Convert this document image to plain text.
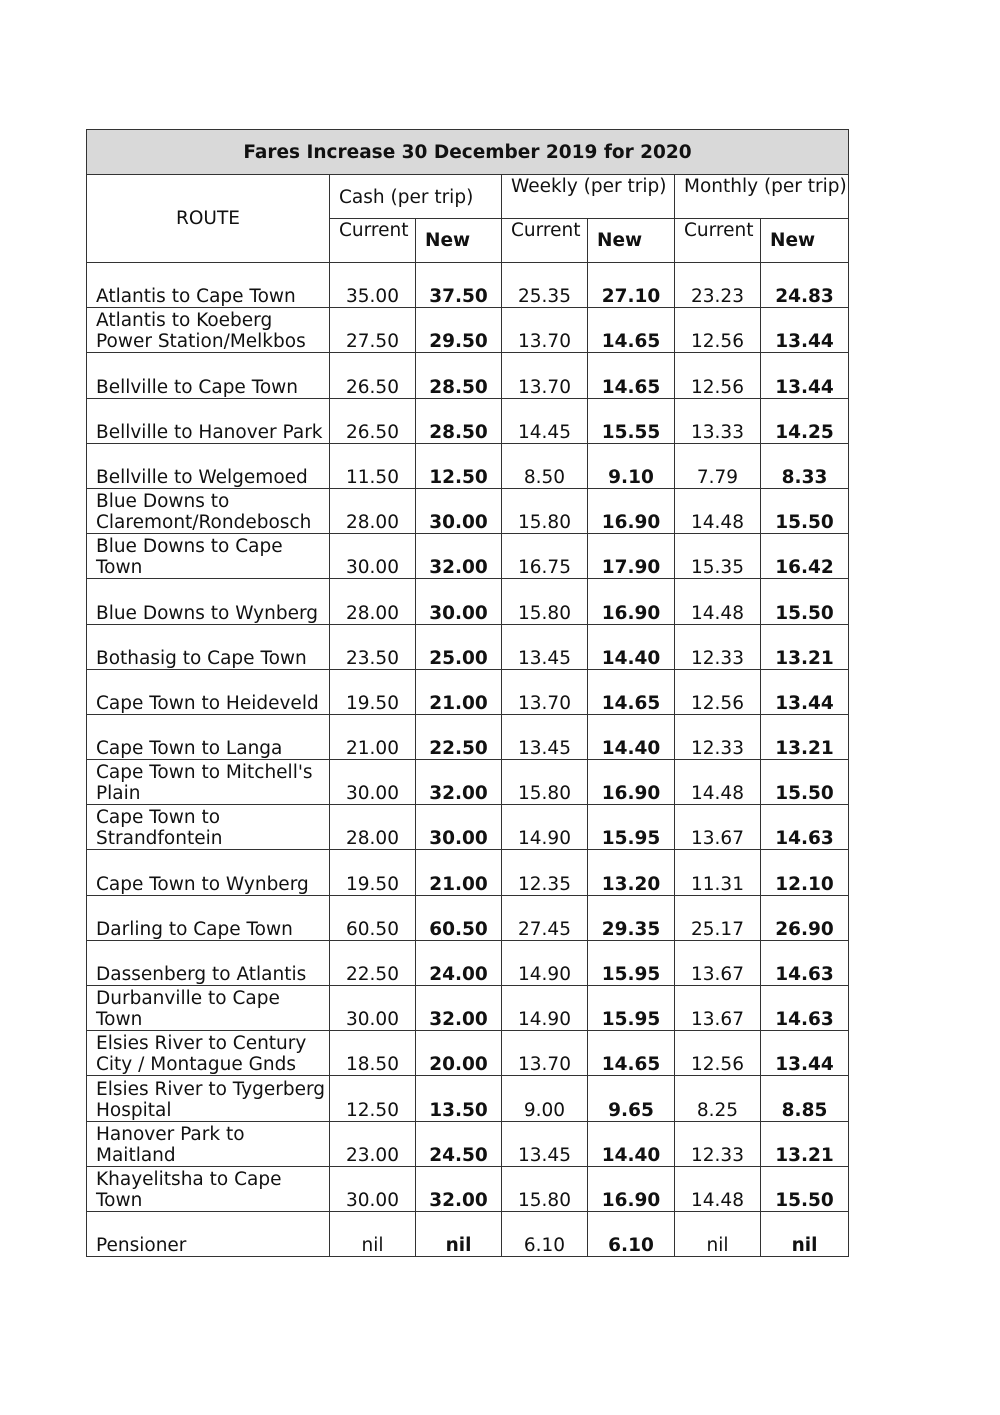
Fares Increase 30 December 2019 for 2020						
ROUTE	Cash (per trip)		Weekly (per trip)		Monthly (per trip)	
	Current	New	Current	New	Current	New
Atlantis to Cape Town	35.00	37.50	25.35	27.10	23.23	24.83
Atlantis to Koeberg Power Station/Melkbos	27.50	29.50	13.70	14.65	12.56	13.44
Bellville to Cape Town	26.50	28.50	13.70	14.65	12.56	13.44
Bellville to Hanover Park	26.50	28.50	14.45	15.55	13.33	14.25
Bellville to Welgemoed	11.50	12.50	8.50	9.10	7.79	8.33
Blue Downs to Claremont/Rondebosch	28.00	30.00	15.80	16.90	14.48	15.50
Blue Downs to Cape Town	30.00	32.00	16.75	17.90	15.35	16.42
Blue Downs to Wynberg	28.00	30.00	15.80	16.90	14.48	15.50
Bothasig to Cape Town	23.50	25.00	13.45	14.40	12.33	13.21
Cape Town to Heideveld	19.50	21.00	13.70	14.65	12.56	13.44
Cape Town to Langa	21.00	22.50	13.45	14.40	12.33	13.21
Cape Town to Mitchell's Plain	30.00	32.00	15.80	16.90	14.48	15.50
Cape Town to Strandfontein	28.00	30.00	14.90	15.95	13.67	14.63
Cape Town to Wynberg	19.50	21.00	12.35	13.20	11.31	12.10
Darling to Cape Town	60.50	60.50	27.45	29.35	25.17	26.90
Dassenberg to Atlantis	22.50	24.00	14.90	15.95	13.67	14.63
Durbanville to Cape Town	30.00	32.00	14.90	15.95	13.67	14.63
Elsies River to Century City / Montague Gnds	18.50	20.00	13.70	14.65	12.56	13.44
Elsies River to Tygerberg Hospital	12.50	13.50	9.00	9.65	8.25	8.85
Hanover Park to Maitland	23.00	24.50	13.45	14.40	12.33	13.21
Khayelitsha to Cape Town	30.00	32.00	15.80	16.90	14.48	15.50
Pensioner	nil	nil	6.10	6.10	nil	nil
